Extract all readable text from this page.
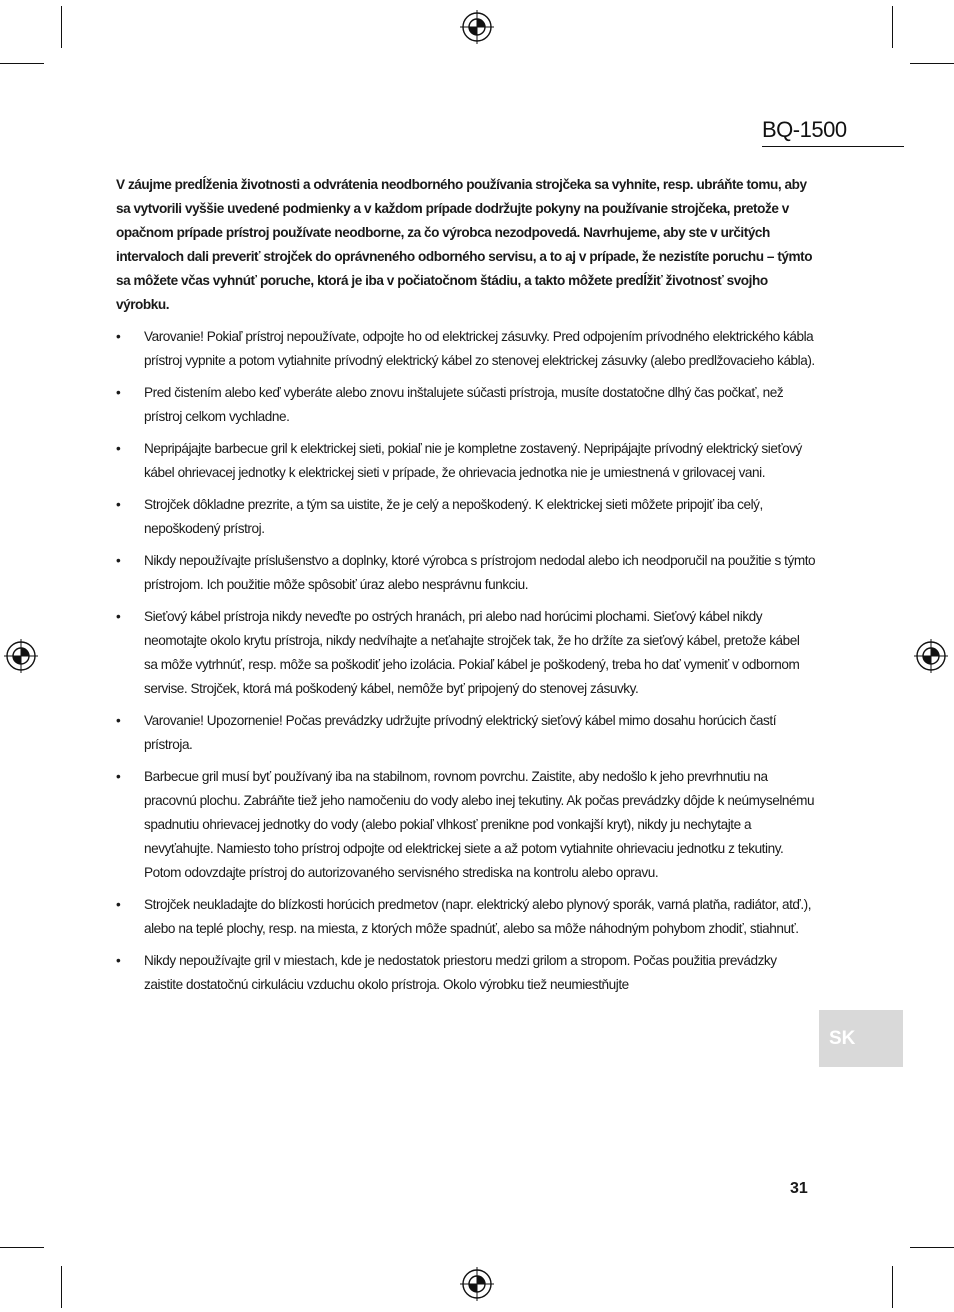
BQ-1500

V záujme predĺženia životnosti a odvrátenia neodborného používania strojčeka sa vyhnite, resp. ubráňte tomu, aby sa vytvorili vyššie uvedené podmienky a v každom prípade dodržujte pokyny na používanie strojčeka, pretože v opačnom prípade prístroj používate neodborne, za čo výrobca nezodpovedá. Navrhujeme, aby ste v určitých intervaloch dali preveriť strojček do oprávneného odborného servisu, a to aj v prípade, že nezistíte poruchu – týmto sa môžete včas vyhnúť poruche, ktorá je iba v počiatočnom štádiu, a takto môžete predĺžiť životnosť svojho výrobku.

• Varovanie! Pokiaľ prístroj nepoužívate, odpojte ho od elektrickej zásuvky. Pred odpojením prívodného elektrického kábla prístroj vypnite a potom vytiahnite prívodný elektrický kábel zo stenovej elektrickej zásuvky (alebo predlžovacieho kábla).
• Pred čistením alebo keď vyberáte alebo znovu inštalujete súčasti prístroja, musíte dostatočne dlhý čas počkať, než prístroj celkom vychladne.
• Nepripájajte barbecue gril k elektrickej sieti, pokiaľ nie je kompletne zostavený. Nepripájajte prívodný elektrický sieťový kábel ohrievacej jednotky k elektrickej sieti v prípade, že ohrievacia jednotka nie je umiestnená v grilovacej vani.
• Strojček dôkladne prezrite, a tým sa uistite, že je celý a nepoškodený. K elektrickej sieti môžete pripojiť iba celý, nepoškodený prístroj.
• Nikdy nepoužívajte príslušenstvo a doplnky, ktoré výrobca s prístrojom nedodal alebo ich neodporučil na použitie s týmto prístrojom. Ich použitie môže spôsobiť úraz alebo nesprávnu funkciu.
• Sieťový kábel prístroja nikdy neveďte po ostrých hranách, pri alebo nad horúcimi plochami. Sieťový kábel nikdy neomotajte okolo krytu prístroja, nikdy nedvíhajte a neťahajte strojček tak, že ho držíte za sieťový kábel, pretože kábel sa môže vytrhnúť, resp. môže sa poškodiť jeho izolácia. Pokiaľ kábel je poškodený, treba ho dať vymeniť v odbornom servise. Strojček, ktorá má poškodený kábel, nemôže byť pripojený do stenovej zásuvky.
• Varovanie! Upozornenie! Počas prevádzky udržujte prívodný elektrický sieťový kábel mimo dosahu horúcich častí prístroja.
• Barbecue gril musí byť používaný iba na stabilnom, rovnom povrchu. Zaistite, aby nedošlo k jeho prevrhnutiu na pracovnú plochu. Zabráňte tiež jeho namočeniu do vody alebo inej tekutiny. Ak počas prevádzky dôjde k neúmyselnému spadnutiu ohrievacej jednotky do vody (alebo pokiaľ vlhkosť prenikne pod vonkajší kryt), nikdy ju nechytajte a nevyťahujte. Namiesto toho prístroj odpojte od elektrickej siete a až potom vytiahnite ohrievaciu jednotku z tekutiny. Potom odovzdajte prístroj do autorizovaného servisného strediska na kontrolu alebo opravu.
• Strojček neukladajte do blízkosti horúcich predmetov (napr. elektrický alebo plynový sporák, varná platňa, radiátor, atď.), alebo na teplé plochy, resp. na miesta, z ktorých môže spadnúť, alebo sa môže náhodným pohybom zhodiť, stiahnuť.
• Nikdy nepoužívajte gril v miestach, kde je nedostatok priestoru medzi grilom a stropom. Počas použitia prevádzky zaistite dostatočnú cirkuláciu vzduchu okolo prístroja. Okolo výrobku tiež neumiestňujte
SK
31
